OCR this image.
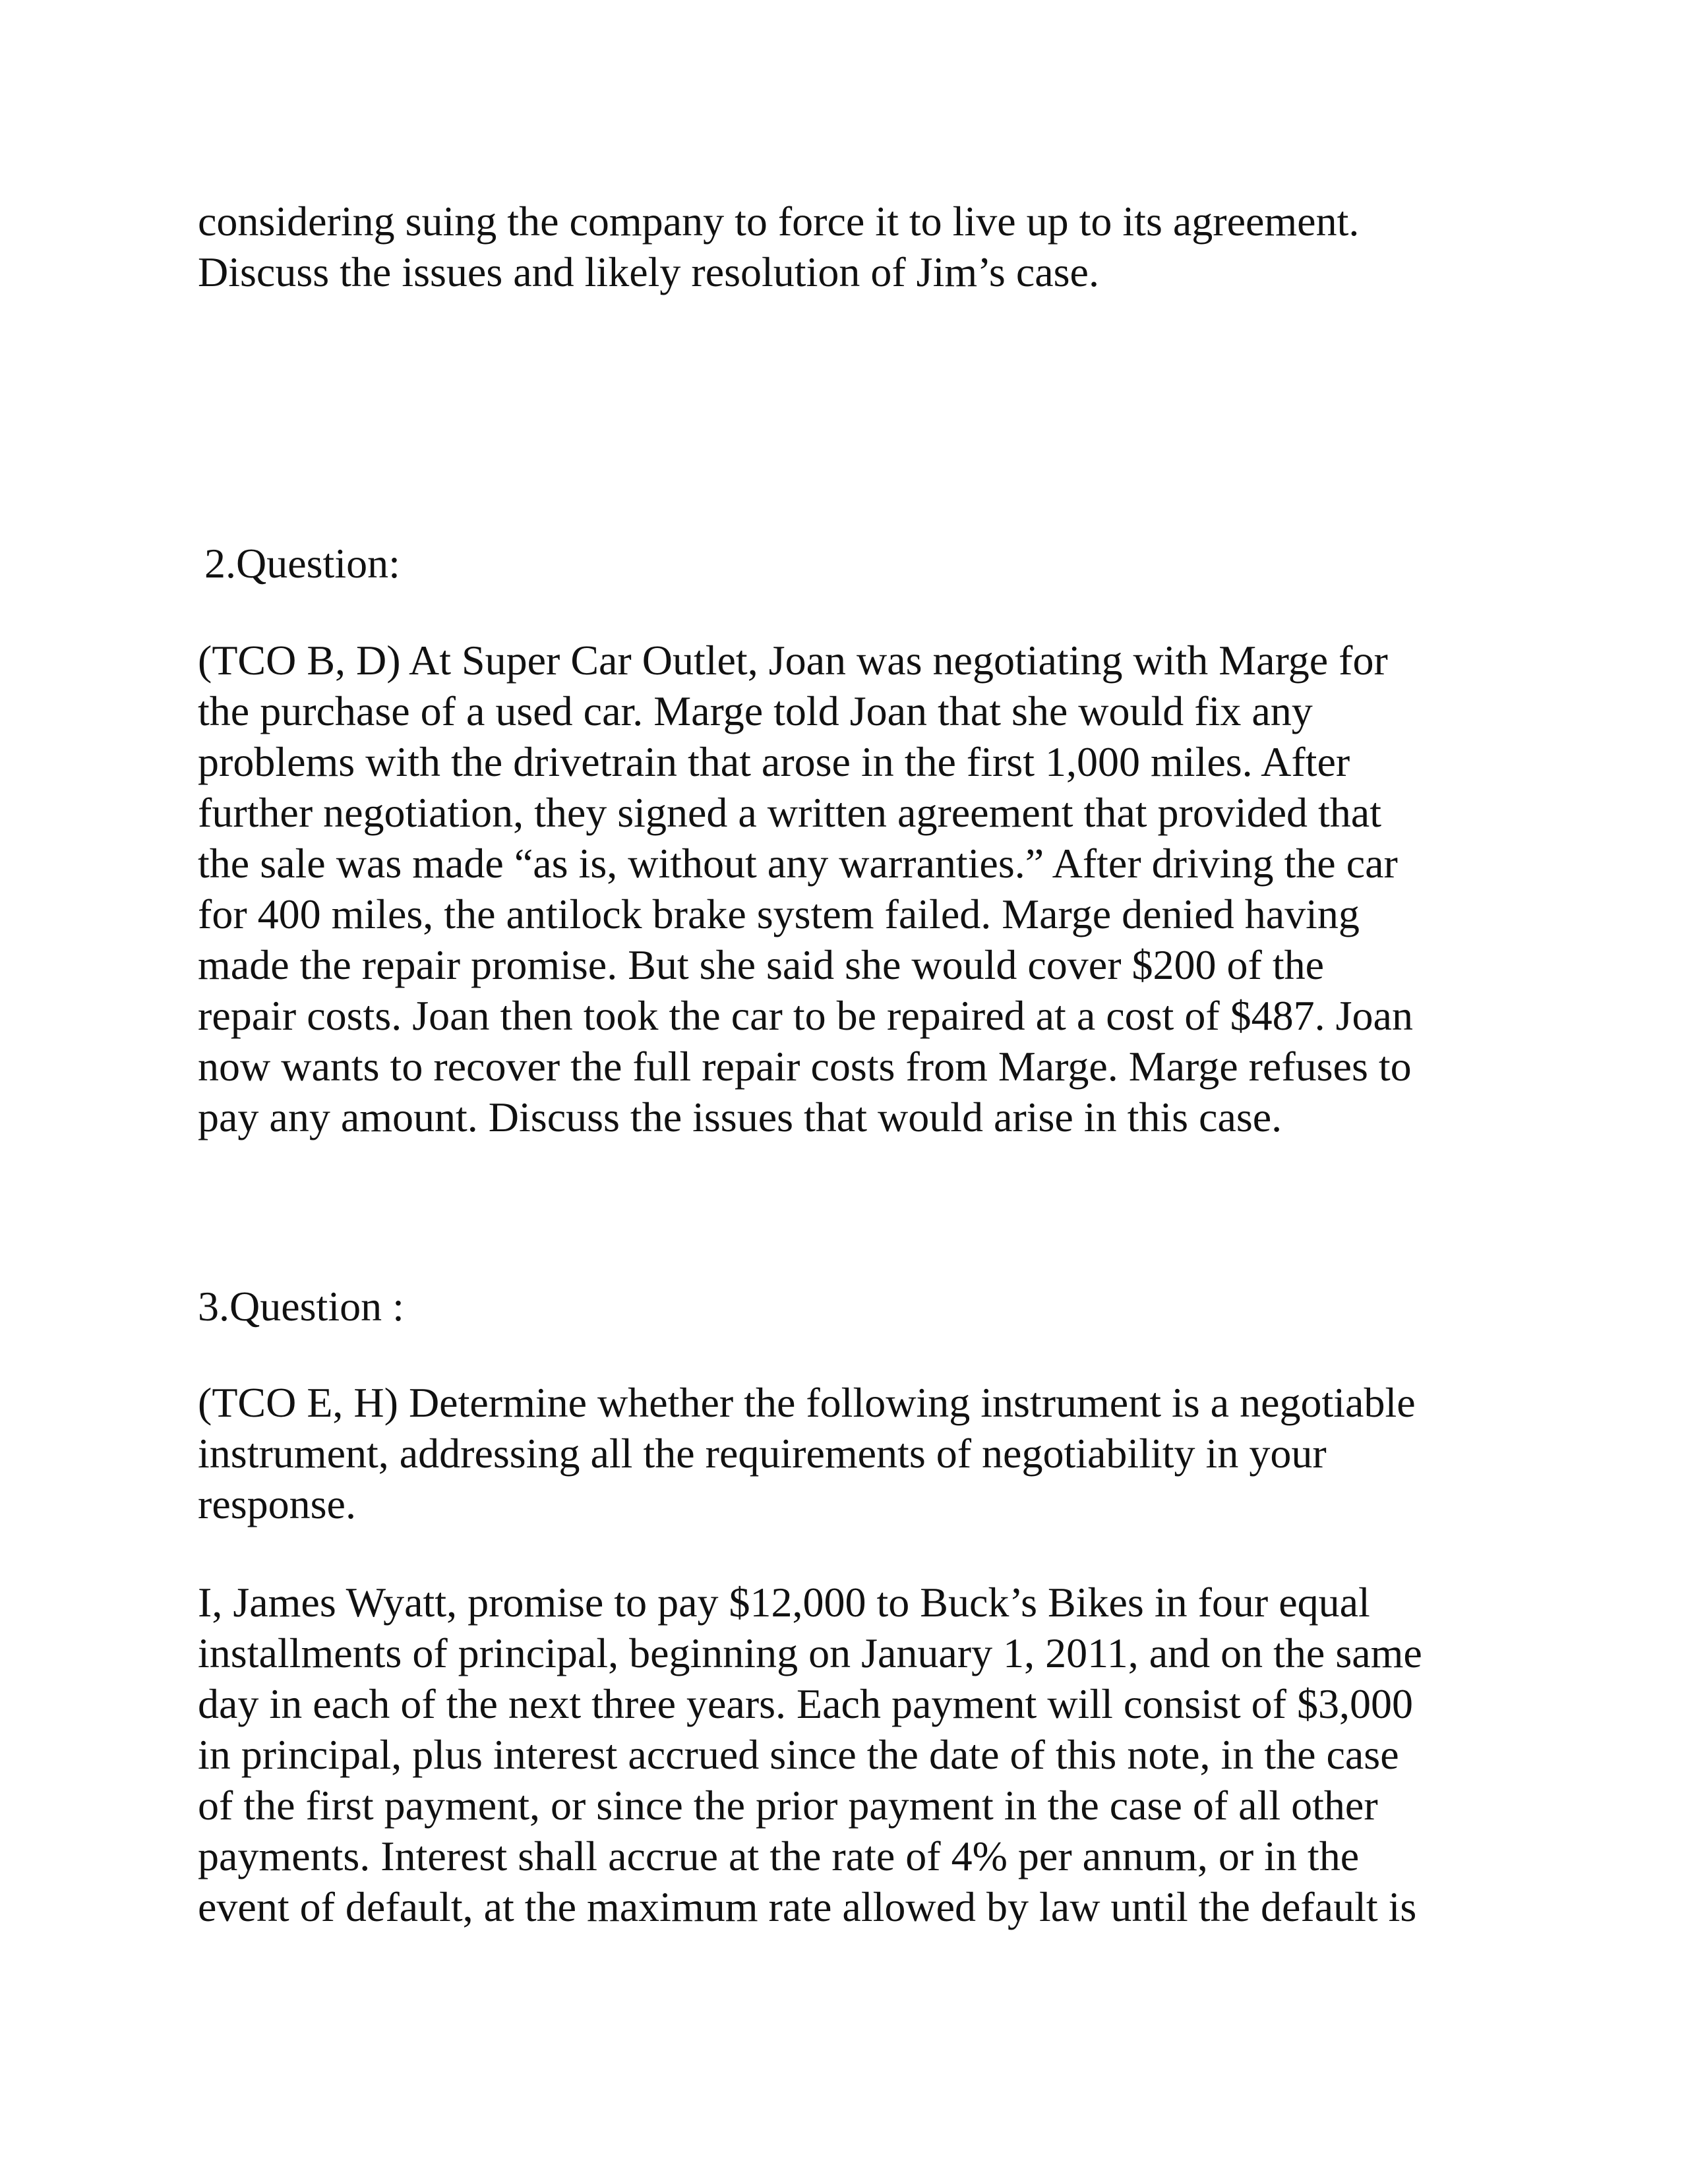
considering suing the company to force it to live up to its agreement.
Discuss the issues and likely resolution of Jim’s case.

2.Question:

(TCO B, D) At Super Car Outlet, Joan was negotiating with Marge for
the purchase of a used car. Marge told Joan that she would fix any
problems with the drivetrain that arose in the first 1,000 miles. After
further negotiation, they signed a written agreement that provided that
the sale was made “as is, without any warranties.” After driving the car
for 400 miles, the antilock brake system failed. Marge denied having
made the repair promise. But she said she would cover $200 of the
repair costs. Joan then took the car to be repaired at a cost of $487. Joan
now wants to recover the full repair costs from Marge. Marge refuses to
pay any amount. Discuss the issues that would arise in this case.

3.Question :

(TCO E, H) Determine whether the following instrument is a negotiable
instrument, addressing all the requirements of negotiability in your
response.

I, James Wyatt, promise to pay $12,000 to Buck’s Bikes in four equal
installments of principal, beginning on January 1, 2011, and on the same
day in each of the next three years. Each payment will consist of $3,000
in principal, plus interest accrued since the date of this note, in the case
of the first payment, or since the prior payment in the case of all other
payments. Interest shall accrue at the rate of 4% per annum, or in the
event of default, at the maximum rate allowed by law until the default is
